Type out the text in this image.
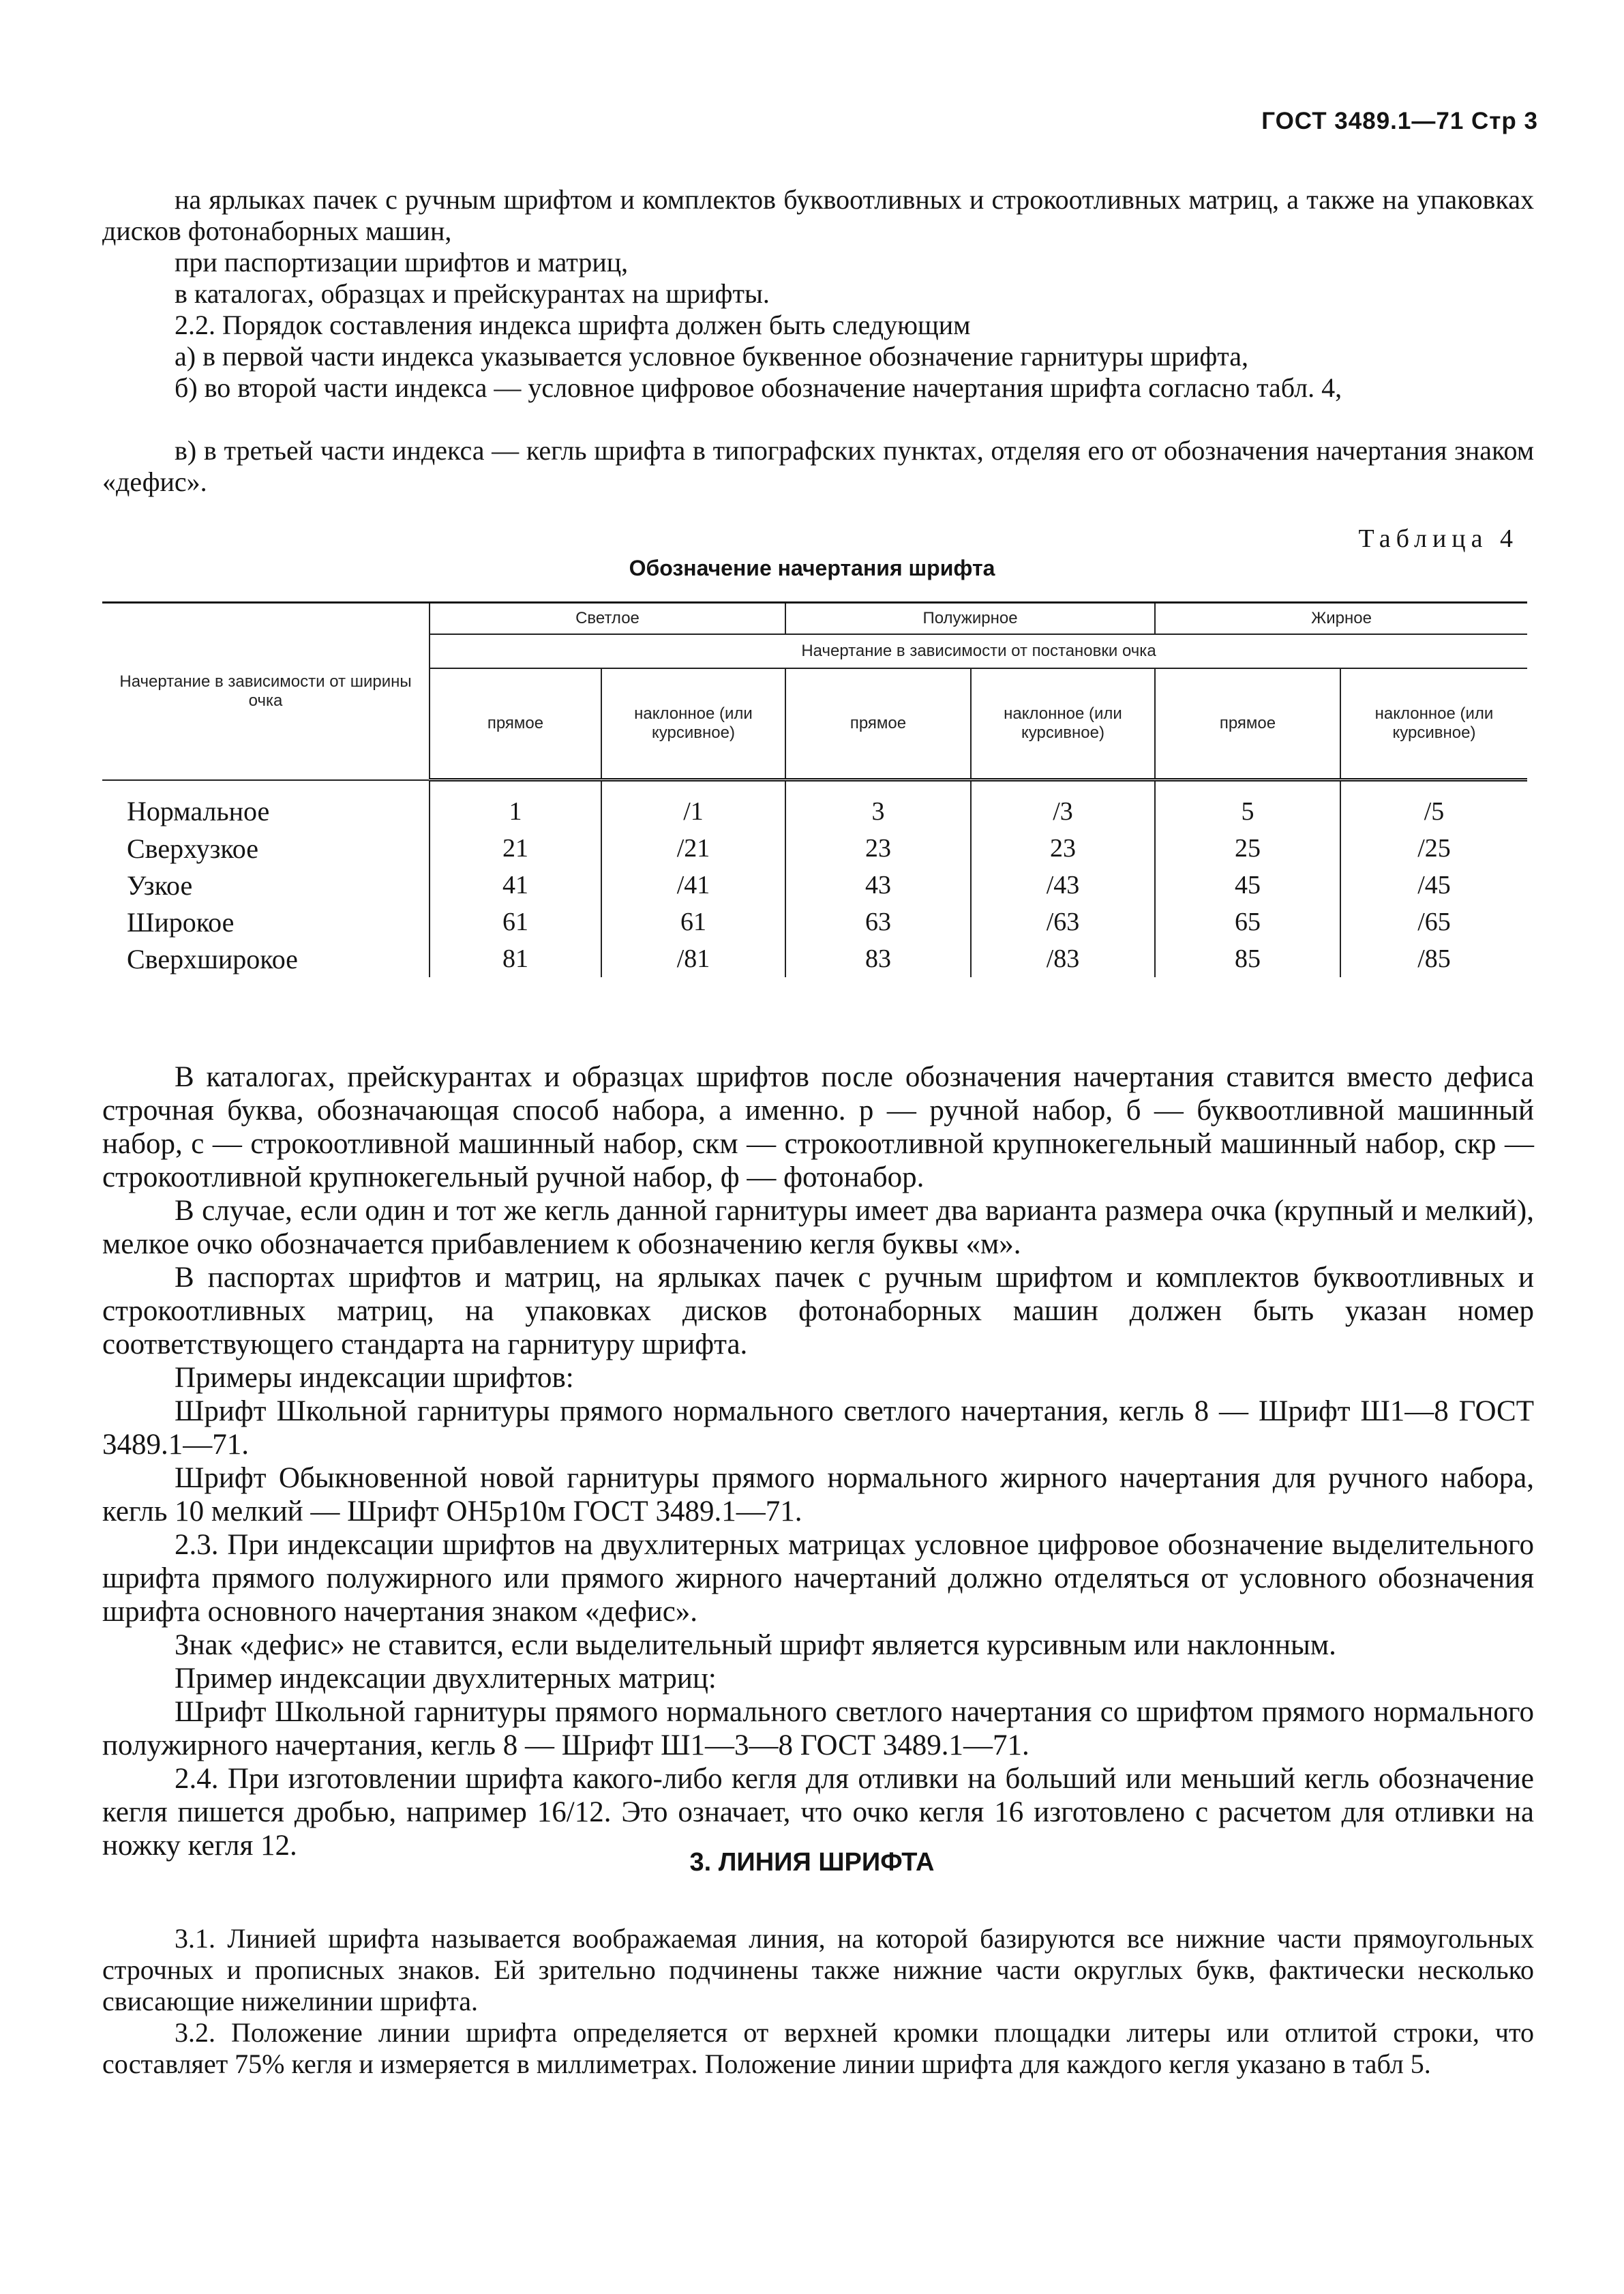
ГОСТ 3489.1—71 Стр 3

на ярлыках пачек с ручным шрифтом и комплектов буквоотливных и строкоотливных матриц, а также на упаковках дисков фотонаборных машин,

при паспортизации шрифтов и матриц,

в каталогах, образцах и прейскурантах на шрифты.

2.2. Порядок составления индекса шрифта должен быть следующим

а) в первой части индекса указывается условное буквенное обозначение гарнитуры шрифта,

б) во второй части индекса — условное цифровое обозначение начертания шрифта согласно табл. 4,

в) в третьей части индекса — кегль шрифта в типографских пунктах, отделяя его от обозначения начертания знаком «дефис».

Таблица 4
Обозначение начертания шрифта
Начертание в зависимости от ширины очка	Светлое		Полужирное		Жирное	
	Начертание в зависимости от постановки очка					
	прямое	наклонное (или курсивное)	прямое	наклонное (или курсивное)	прямое	наклонное (или курсивное)
Нормальное	1	/1	3	/3	5	/5
Сверхузкое	21	/21	23	23	25	/25
Узкое	41	/41	43	/43	45	/45
Широкое	61	61	63	/63	65	/65
Сверхширокое	81	/81	83	/83	85	/85

В каталогах, прейскурантах и образцах шрифтов после обозначения начертания ставится вместо дефиса строчная буква, обозначающая способ набора, а именно. р — ручной набор, б — буквоотливной машинный набор, с — строкоотливной машинный набор, скм — строкоотливной крупнокегельный машинный набор, скр — строкоотливной крупнокегельный ручной набор, ф — фотонабор.

В случае, если один и тот же кегль данной гарнитуры имеет два варианта размера очка (крупный и мелкий), мелкое очко обозначается прибавлением к обозначению кегля буквы «м».

В паспортах шрифтов и матриц, на ярлыках пачек с ручным шрифтом и комплектов буквоотливных и строкоотливных матриц, на упаковках дисков фотонаборных машин должен быть указан номер соответствующего стандарта на гарнитуру шрифта.

Примеры индексации шрифтов:

Шрифт Школьной гарнитуры прямого нормального светлого начертания, кегль 8 — Шрифт Ш1—8 ГОСТ 3489.1—71.

Шрифт Обыкновенной новой гарнитуры прямого нормального жирного начертания для ручного набора, кегль 10 мелкий — Шрифт ОН5р10м ГОСТ 3489.1—71.

2.3. При индексации шрифтов на двухлитерных матрицах условное цифровое обозначение выделительного шрифта прямого полужирного или прямого жирного начертаний должно отделяться от условного обозначения шрифта основного начертания знаком «дефис».

Знак «дефис» не ставится, если выделительный шрифт является курсивным или наклонным.

Пример индексации двухлитерных матриц:

Шрифт Школьной гарнитуры прямого нормального светлого начертания со шрифтом прямого нормального полужирного начертания, кегль 8 — Шрифт Ш1—3—8 ГОСТ 3489.1—71.

2.4. При изготовлении шрифта какого-либо кегля для отливки на больший или меньший кегль обозначение кегля пишется дробью, например 16/12. Это означает, что очко кегля 16 изготовлено с расчетом для отливки на ножку кегля 12.

3. ЛИНИЯ ШРИФТА

3.1. Линией шрифта называется воображаемая линия, на которой базируются все нижние части прямоугольных строчных и прописных знаков. Ей зрительно подчинены также нижние части округлых букв, фактически несколько свисающие нижелинии шрифта.

3.2. Положение линии шрифта определяется от верхней кромки площадки литеры или отлитой строки, что составляет 75% кегля и измеряется в миллиметрах. Положение линии шрифта для каждого кегля указано в табл 5.
